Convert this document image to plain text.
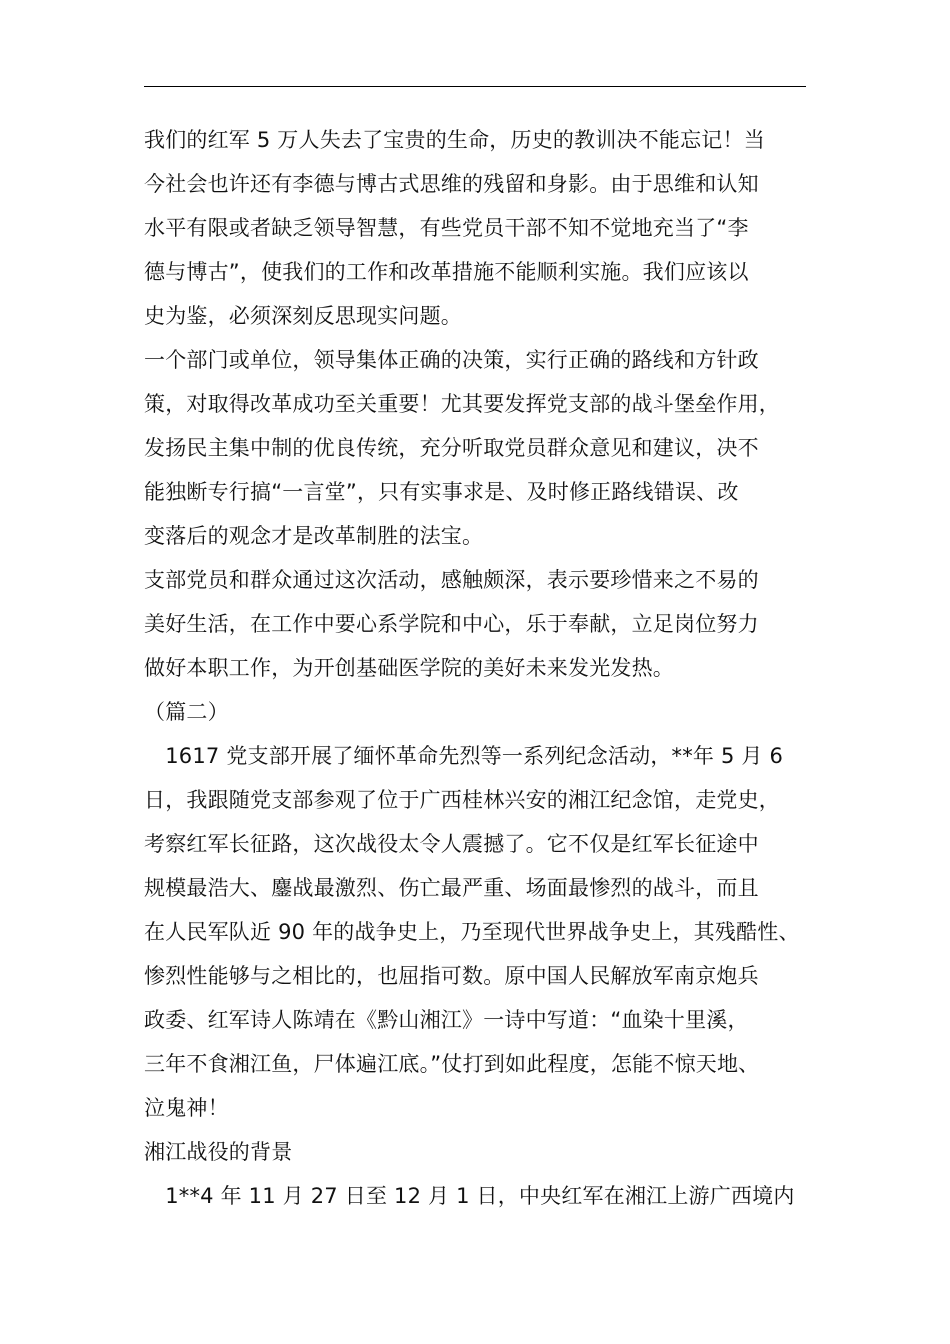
我们的红军 5 万人失去了宝贵的生命，历史的教训决不能忘记！当
今社会也许还有李德与博古式思维的残留和身影。由于思维和认知
水平有限或者缺乏领导智慧，有些党员干部不知不觉地充当了“李
德与博古”，使我们的工作和改革措施不能顺利实施。我们应该以
史为鉴，必须深刻反思现实问题。

一个部门或单位，领导集体正确的决策，实行正确的路线和方针政
策，对取得改革成功至关重要！尤其要发挥党支部的战斗堡垒作用，
发扬民主集中制的优良传统，充分听取党员群众意见和建议，决不
能独断专行搞“一言堂”，只有实事求是、及时修正路线错误、改
变落后的观念才是改革制胜的法宝。

支部党员和群众通过这次活动，感触颇深，表示要珍惜来之不易的
美好生活，在工作中要心系学院和中心，乐于奉献，立足岗位努力
做好本职工作，为开创基础医学院的美好未来发光发热。

（篇二）

　1617 党支部开展了缅怀革命先烈等一系列纪念活动，**年 5 月 6
日，我跟随党支部参观了位于广西桂林兴安的湘江纪念馆，走党史，
考察红军长征路，这次战役太令人震撼了。它不仅是红军长征途中
规模最浩大、鏖战最激烈、伤亡最严重、场面最惨烈的战斗，而且
在人民军队近 90 年的战争史上，乃至现代世界战争史上，其残酷性、
惨烈性能够与之相比的，也屈指可数。原中国人民解放军南京炮兵
政委、红军诗人陈靖在《黔山湘江》一诗中写道：“血染十里溪，
三年不食湘江鱼，尸体遍江底。”仗打到如此程度，怎能不惊天地、
泣鬼神！

湘江战役的背景

　1**4 年 11 月 27 日至 12 月 1 日，中央红军在湘江上游广西境内
